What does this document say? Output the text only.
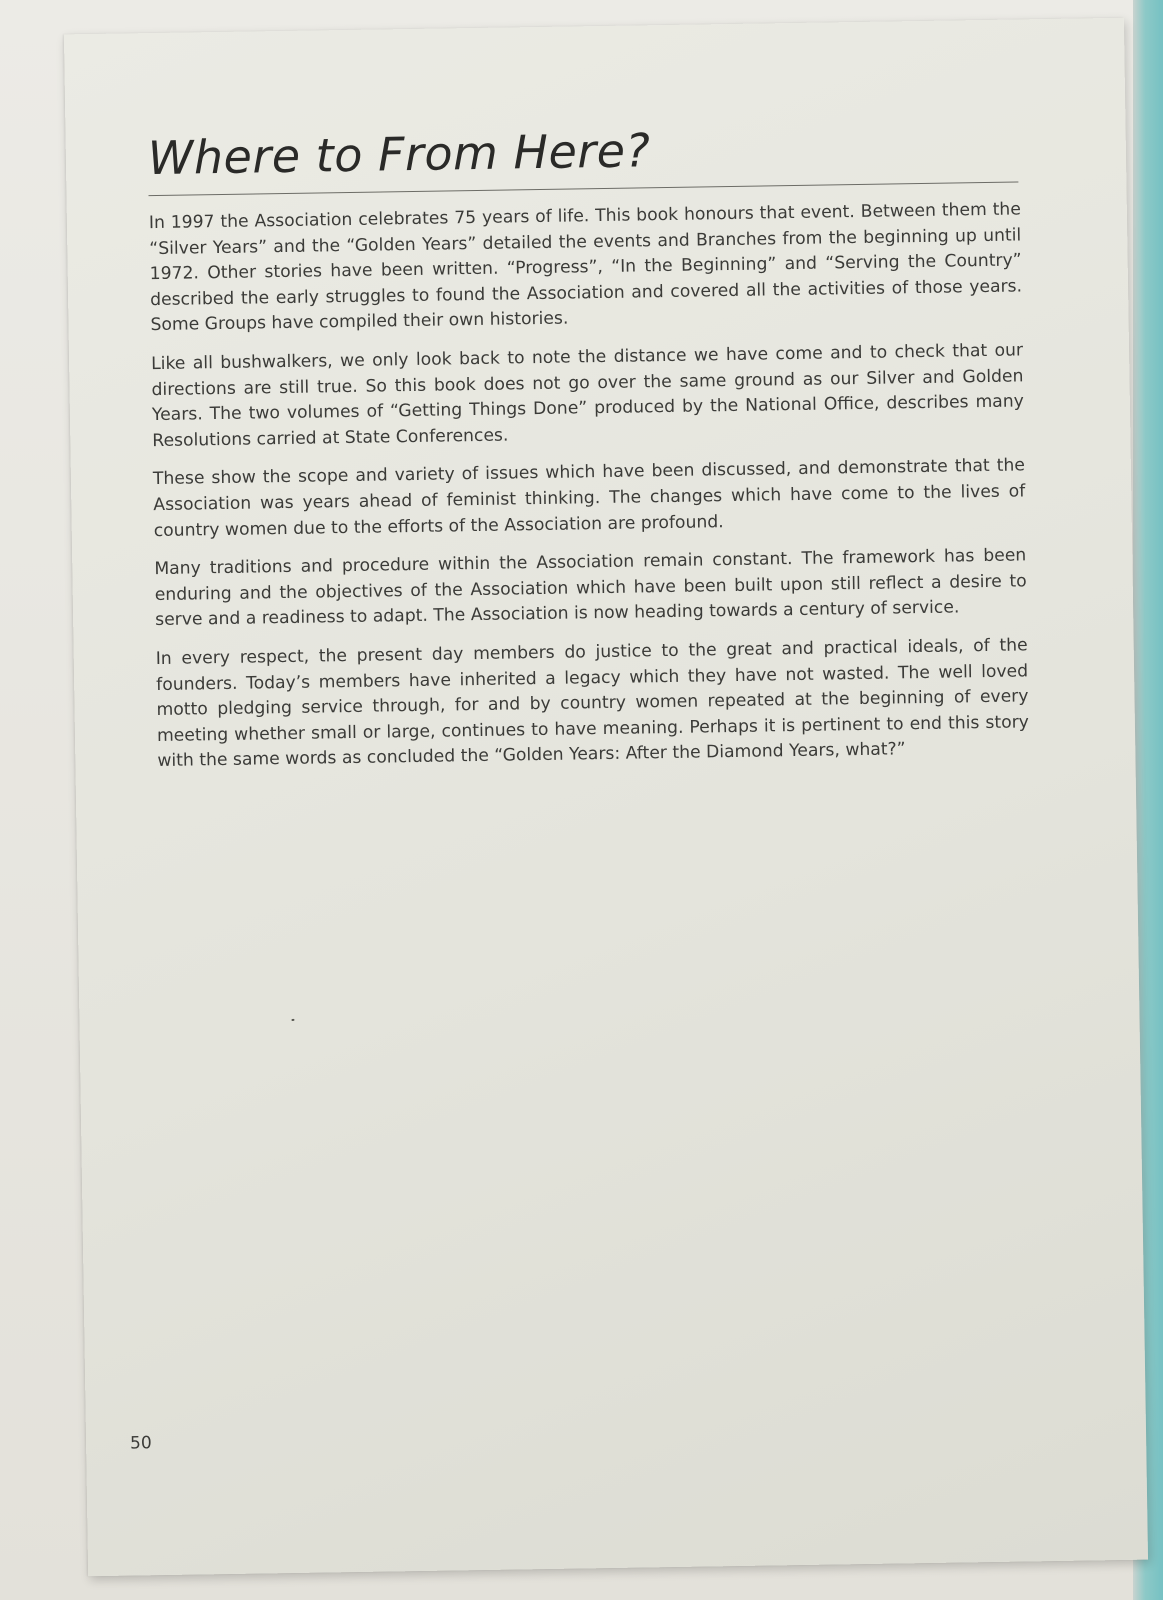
Where to From Here?

In 1997 the Association celebrates 75 years of life. This book honours that event. Between them the “Silver Years” and the “Golden Years” detailed the events and Branches from the beginning up until 1972. Other stories have been written. “Progress”, “In the Beginning” and “Serving the Country” described the early struggles to found the Association and covered all the activities of those years. Some Groups have compiled their own histories.

Like all bushwalkers, we only look back to note the distance we have come and to check that our directions are still true. So this book does not go over the same ground as our Silver and Golden Years. The two volumes of “Getting Things Done” produced by the National Office, describes many Resolutions carried at State Conferences.

These show the scope and variety of issues which have been discussed, and demonstrate that the Association was years ahead of feminist thinking. The changes which have come to the lives of country women due to the efforts of the Association are profound.

Many traditions and procedure within the Association remain constant. The framework has been enduring and the objectives of the Association which have been built upon still reflect a desire to serve and a readiness to adapt. The Association is now heading towards a century of service.

In every respect, the present day members do justice to the great and practical ideals, of the founders. Today’s members have inherited a legacy which they have not wasted. The well loved motto pledging service through, for and by country women repeated at the beginning of every meeting whether small or large, continues to have meaning. Perhaps it is pertinent to end this story with the same words as concluded the “Golden Years: After the Diamond Years, what?”

50
